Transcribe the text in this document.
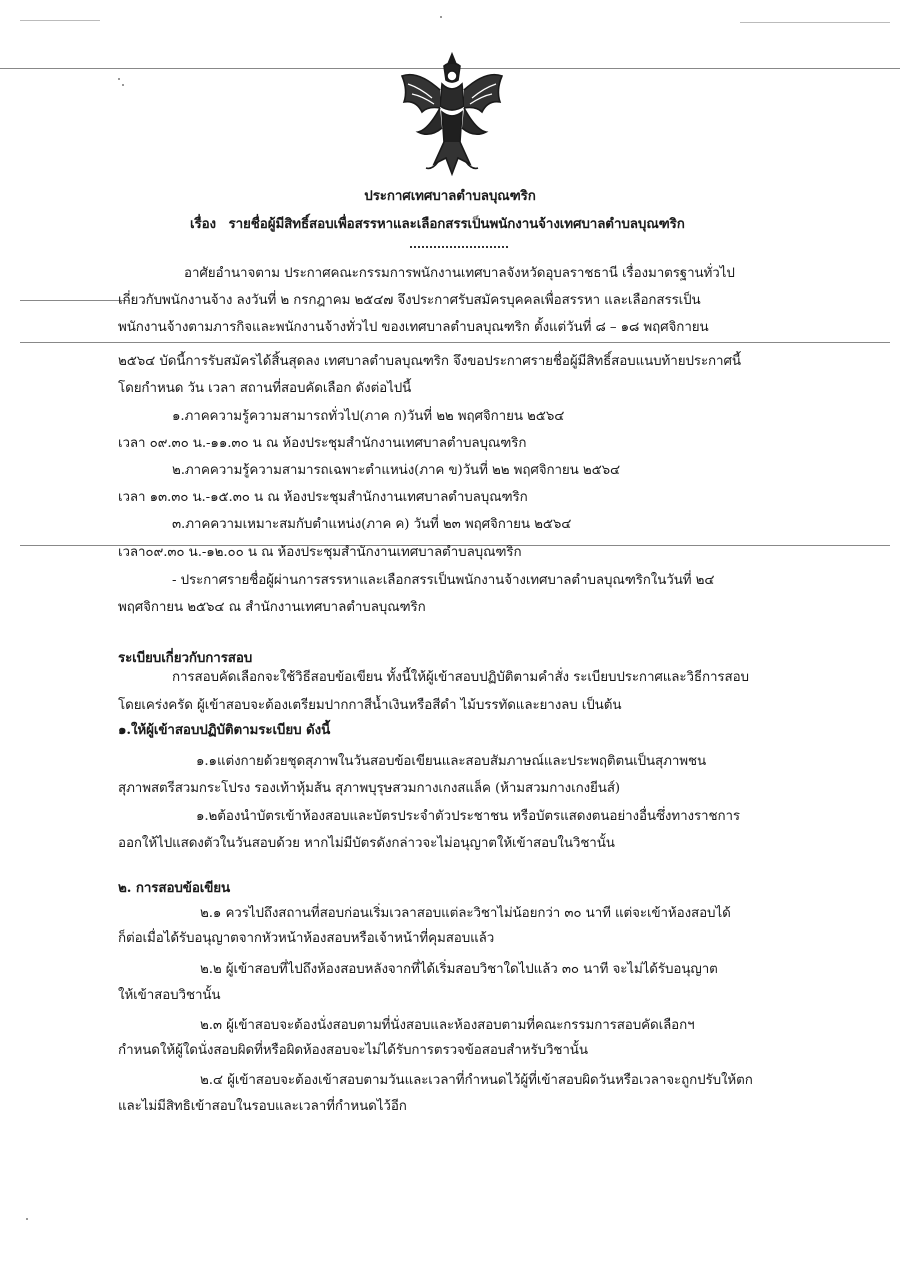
ประกาศเทศบาลตำบลบุณฑริก
เรื่อง รายชื่อผู้มีสิทธิ์สอบเพื่อสรรหาและเลือกสรรเป็นพนักงานจ้างเทศบาลตำบลบุณฑริก
อาศัยอำนาจตาม ประกาศคณะกรรมการพนักงานเทศบาลจังหวัดอุบลราชธานี เรื่องมาตรฐานทั่วไป
เกี่ยวกับพนักงานจ้าง ลงวันที่ ๒ กรกฎาคม ๒๕๔๗ จึงประกาศรับสมัครบุคคลเพื่อสรรหา และเลือกสรรเป็น
พนักงานจ้างตามภารกิจและพนักงานจ้างทั่วไป ของเทศบาลตำบลบุณฑริก ตั้งแต่วันที่ ๘ – ๑๘ พฤศจิกายน
๒๕๖๔ บัดนี้การรับสมัครได้สิ้นสุดลง เทศบาลตำบลบุณฑริก จึงขอประกาศรายชื่อผู้มีสิทธิ์สอบแนบท้ายประกาศนี้
โดยกำหนด วัน เวลา สถานที่สอบคัดเลือก ดังต่อไปนี้
๑.ภาคความรู้ความสามารถทั่วไป(ภาค ก)วันที่ ๒๒ พฤศจิกายน ๒๕๖๔
เวลา ๐๙.๓๐ น.-๑๑.๓๐ น ณ ห้องประชุมสำนักงานเทศบาลตำบลบุณฑริก
๒.ภาคความรู้ความสามารถเฉพาะตำแหน่ง(ภาค ข)วันที่ ๒๒ พฤศจิกายน ๒๕๖๔
เวลา ๑๓.๓๐ น.-๑๕.๓๐ น ณ ห้องประชุมสำนักงานเทศบาลตำบลบุณฑริก
๓.ภาคความเหมาะสมกับตำแหน่ง(ภาค ค) วันที่ ๒๓ พฤศจิกายน ๒๕๖๔
เวลา๐๙.๓๐ น.-๑๒.๐๐ น ณ ห้องประชุมสำนักงานเทศบาลตำบลบุณฑริก
- ประกาศรายชื่อผู้ผ่านการสรรหาและเลือกสรรเป็นพนักงานจ้างเทศบาลตำบลบุณฑริกในวันที่ ๒๔
พฤศจิกายน ๒๕๖๔ ณ สำนักงานเทศบาลตำบลบุณฑริก
ระเบียบเกี่ยวกับการสอบ
การสอบคัดเลือกจะใช้วิธีสอบข้อเขียน ทั้งนี้ให้ผู้เข้าสอบปฏิบัติตามคำสั่ง ระเบียบประกาศและวิธีการสอบ
โดยเคร่งครัด ผู้เข้าสอบจะต้องเตรียมปากกาสีน้ำเงินหรือสีดำ ไม้บรรทัดและยางลบ เป็นต้น
๑.ให้ผู้เข้าสอบปฏิบัติตามระเบียบ ดังนี้
๑.๑แต่งกายด้วยชุดสุภาพในวันสอบข้อเขียนและสอบสัมภาษณ์และประพฤติตนเป็นสุภาพชน
สุภาพสตรีสวมกระโปรง รองเท้าหุ้มส้น สุภาพบุรุษสวมกางเกงสแล็ค (ห้ามสวมกางเกงยีนส์)
๑.๒ต้องนำบัตรเข้าห้องสอบและบัตรประจำตัวประชาชน หรือบัตรแสดงตนอย่างอื่นซึ่งทางราชการ
ออกให้ไปแสดงตัวในวันสอบด้วย หากไม่มีบัตรดังกล่าวจะไม่อนุญาตให้เข้าสอบในวิชานั้น
๒. การสอบข้อเขียน
๒.๑ ควรไปถึงสถานที่สอบก่อนเริ่มเวลาสอบแต่ละวิชาไม่น้อยกว่า ๓๐ นาที แต่จะเข้าห้องสอบได้
ก็ต่อเมื่อได้รับอนุญาตจากหัวหน้าห้องสอบหรือเจ้าหน้าที่คุมสอบแล้ว
๒.๒ ผู้เข้าสอบที่ไปถึงห้องสอบหลังจากที่ได้เริ่มสอบวิชาใดไปแล้ว ๓๐ นาที จะไม่ได้รับอนุญาต
ให้เข้าสอบวิชานั้น
๒.๓ ผู้เข้าสอบจะต้องนั่งสอบตามที่นั่งสอบและห้องสอบตามที่คณะกรรมการสอบคัดเลือกฯ
กำหนดให้ผู้ใดนั่งสอบผิดที่หรือผิดห้องสอบจะไม่ได้รับการตรวจข้อสอบสำหรับวิชานั้น
๒.๔ ผู้เข้าสอบจะต้องเข้าสอบตามวันและเวลาที่กำหนดไว้ผู้ที่เข้าสอบผิดวันหรือเวลาจะถูกปรับให้ตก
และไม่มีสิทธิเข้าสอบในรอบและเวลาที่กำหนดไว้อีก
